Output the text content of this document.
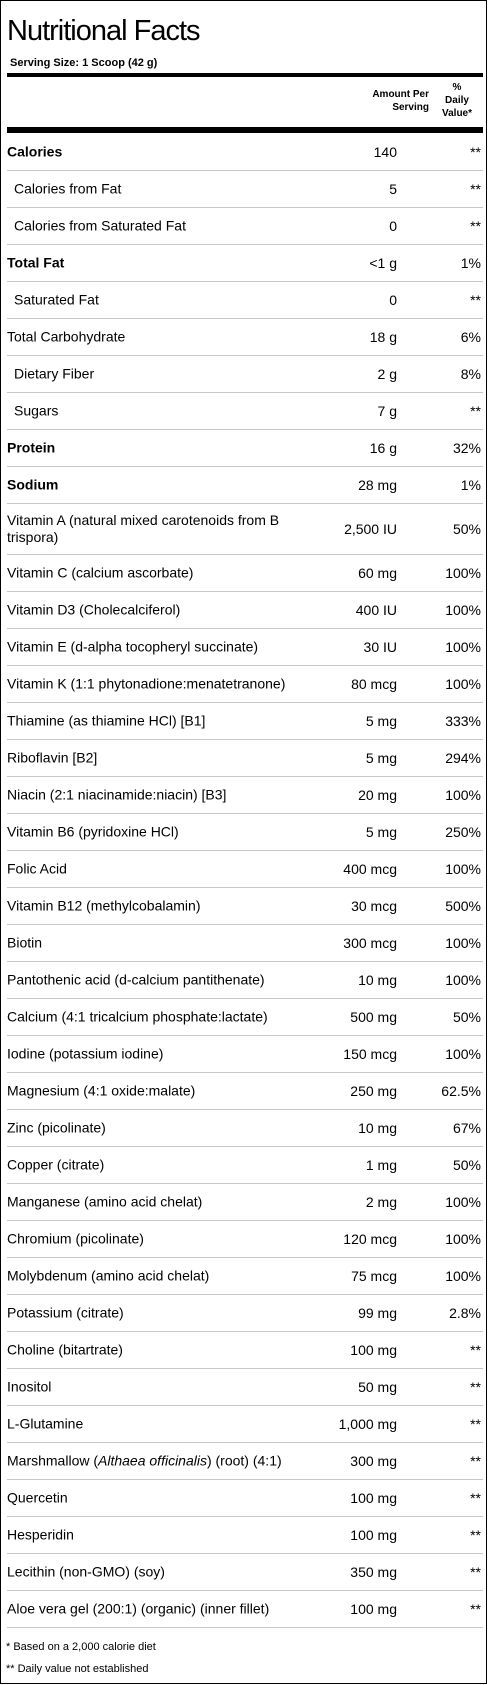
Nutritional Facts
Serving Size: 1 Scoop (42 g)
Amount Per
Serving
%
Daily
Value*
Calories	140	**
Calories from Fat	5	**
Calories from Saturated Fat	0	**
Total Fat	<1 g	1%
Saturated Fat	0	**
Total Carbohydrate	18 g	6%
Dietary Fiber	2 g	8%
Sugars	7 g	**
Protein	16 g	32%
Sodium	28 mg	1%
Vitamin A (natural mixed carotenoids from B trispora)	2,500 IU	50%
Vitamin C (calcium ascorbate)	60 mg	100%
Vitamin D3 (Cholecalciferol)	400 IU	100%
Vitamin E (d-alpha tocopheryl succinate)	30 IU	100%
Vitamin K (1:1 phytonadione:menatetranone)	80 mcg	100%
Thiamine (as thiamine HCl) [B1]	5 mg	333%
Riboflavin [B2]	5 mg	294%
Niacin (2:1 niacinamide:niacin) [B3]	20 mg	100%
Vitamin B6 (pyridoxine HCl)	5 mg	250%
Folic Acid	400 mcg	100%
Vitamin B12 (methylcobalamin)	30 mcg	500%
Biotin	300 mcg	100%
Pantothenic acid (d-calcium pantithenate)	10 mg	100%
Calcium (4:1 tricalcium phosphate:lactate)	500 mg	50%
Iodine (potassium iodine)	150 mcg	100%
Magnesium (4:1 oxide:malate)	250 mg	62.5%
Zinc (picolinate)	10 mg	67%
Copper (citrate)	1 mg	50%
Manganese (amino acid chelat)	2 mg	100%
Chromium (picolinate)	120 mcg	100%
Molybdenum (amino acid chelat)	75 mcg	100%
Potassium (citrate)	99 mg	2.8%
Choline (bitartrate)	100 mg	**
Inositol	50 mg	**
L-Glutamine	1,000 mg	**
Marshmallow (Althaea officinalis) (root) (4:1)	300 mg	**
Quercetin	100 mg	**
Hesperidin	100 mg	**
Lecithin (non-GMO) (soy)	350 mg	**
Aloe vera gel (200:1) (organic) (inner fillet)	100 mg	**
* Based on a 2,000 calorie diet
** Daily value not established
